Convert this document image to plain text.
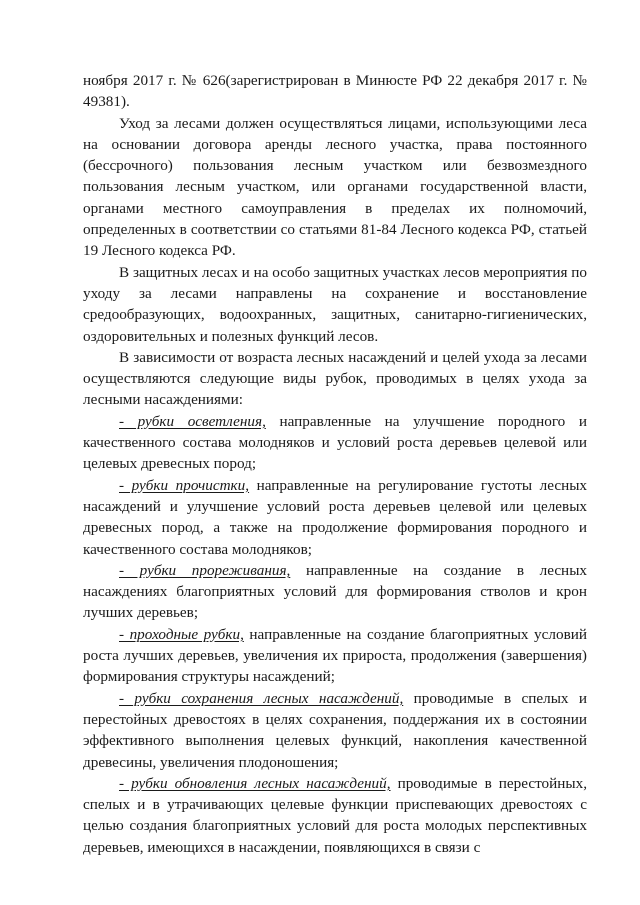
ноября 2017 г. № 626(зарегистрирован в Минюсте РФ 22 декабря 2017 г. № 49381).

Уход за лесами должен осуществляться лицами, использующими леса на основании договора аренды лесного участка, права постоянного (бессрочного) пользования лесным участком или безвозмездного пользования лесным участком, или органами государственной власти, органами местного самоуправления в пределах их полномочий, определенных в соответствии со статьями 81-84 Лесного кодекса РФ, статьей 19 Лесного кодекса РФ.

В защитных лесах и на особо защитных участках лесов мероприятия по уходу за лесами направлены на сохранение и восстановление средообразующих, водоохранных, защитных, санитарно-гигиенических, оздоровительных и полезных функций лесов.

В зависимости от возраста лесных насаждений и целей ухода за лесами осуществляются следующие виды рубок, проводимых в целях ухода за лесными насаждениями:

- рубки осветления, направленные на улучшение породного и качественного состава молодняков и условий роста деревьев целевой или целевых древесных пород;

- рубки прочистки, направленные на регулирование густоты лесных насаждений и улучшение условий роста деревьев целевой или целевых древесных пород, а также на продолжение формирования породного и качественного состава молодняков;

- рубки прореживания, направленные на создание в лесных насаждениях благоприятных условий для формирования стволов и крон лучших деревьев;

- проходные рубки, направленные на создание благоприятных условий роста лучших деревьев, увеличения их прироста, продолжения (завершения) формирования структуры насаждений;

- рубки сохранения лесных насаждений, проводимые в спелых и перестойных древостоях в целях сохранения, поддержания их в состоянии эффективного выполнения целевых функций, накопления качественной древесины, увеличения плодоношения;

- рубки обновления лесных насаждений, проводимые в перестойных, спелых и в утрачивающих целевые функции приспевающих древостоях с целью создания благоприятных условий для роста молодых перспективных деревьев, имеющихся в насаждении, появляющихся в связи с
